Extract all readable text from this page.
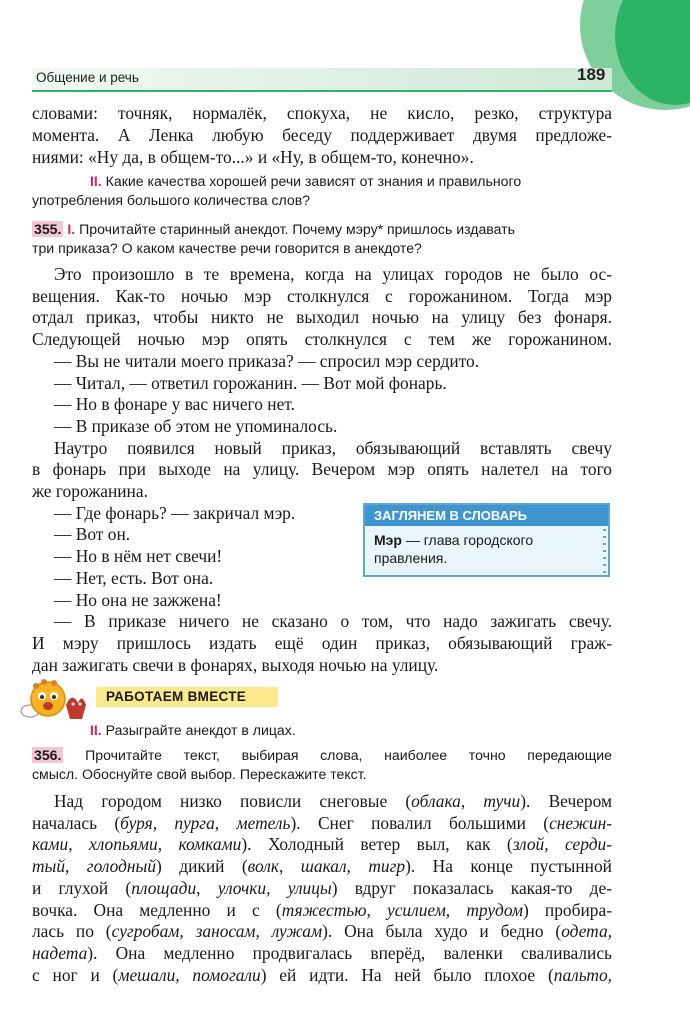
Общение и речь	189
словами: точняк, нормалёк, спокуха, не кисло, резко, структура
момента. А Ленка любую беседу поддерживает двумя предложе-
ниями: «Ну да, в общем-то...» и «Ну, в общем-то, конечно».
II. Какие качества хорошей речи зависят от знания и правильного
употребления большого количества слов?
355. I. Прочитайте старинный анекдот. Почему мэру* пришлось издавать
три приказа? О каком качестве речи говорится в анекдоте?
Это произошло в те времена, когда на улицах городов не было ос-
вещения. Как-то ночью мэр столкнулся с горожанином. Тогда мэр
отдал приказ, чтобы никто не выходил ночью на улицу без фонаря.
Следующей ночью мэр опять столкнулся с тем же горожанином.
— Вы не читали моего приказа? — спросил мэр сердито.
— Читал, — ответил горожанин. — Вот мой фонарь.
— Но в фонаре у вас ничего нет.
— В приказе об этом не упоминалось.
Наутро появился новый приказ, обязывающий вставлять свечу
в фонарь при выходе на улицу. Вечером мэр опять налетел на того
же горожанина.
— Где фонарь? — закричал мэр.
— Вот он.
— Но в нём нет свечи!
— Нет, есть. Вот она.
— Но она не зажжена!
— В приказе ничего не сказано о том, что надо зажигать свечу.
И мэру пришлось издать ещё один приказ, обязывающий граж-
дан зажигать свечи в фонарях, выходя ночью на улицу.
ЗАГЛЯНЕМ В СЛОВАРЬ
Мэр — глава городского
правления.
РАБОТАЕМ ВМЕСТЕ
II. Разыграйте анекдот в лицах.
356. Прочитайте текст, выбирая слова, наиболее точно передающие
смысл. Обоснуйте свой выбор. Перескажите текст.
Над городом низко повисли снеговые (облака, тучи). Вечером
началась (буря, пурга, метель). Снег повалил большими (снежин-
ками, хлопьями, комками). Холодный ветер выл, как (злой, серди-
тый, голодный) дикий (волк, шакал, тигр). На конце пустынной
и глухой (площади, улочки, улицы) вдруг показалась какая-то де-
вочка. Она медленно и с (тяжестью, усилием, трудом) пробира-
лась по (сугробам, заносам, лужам). Она была худо и бедно (одета,
надета). Она медленно продвигалась вперёд, валенки сваливались
с ног и (мешали, помогали) ей идти. На ней было плохое (пальто,
